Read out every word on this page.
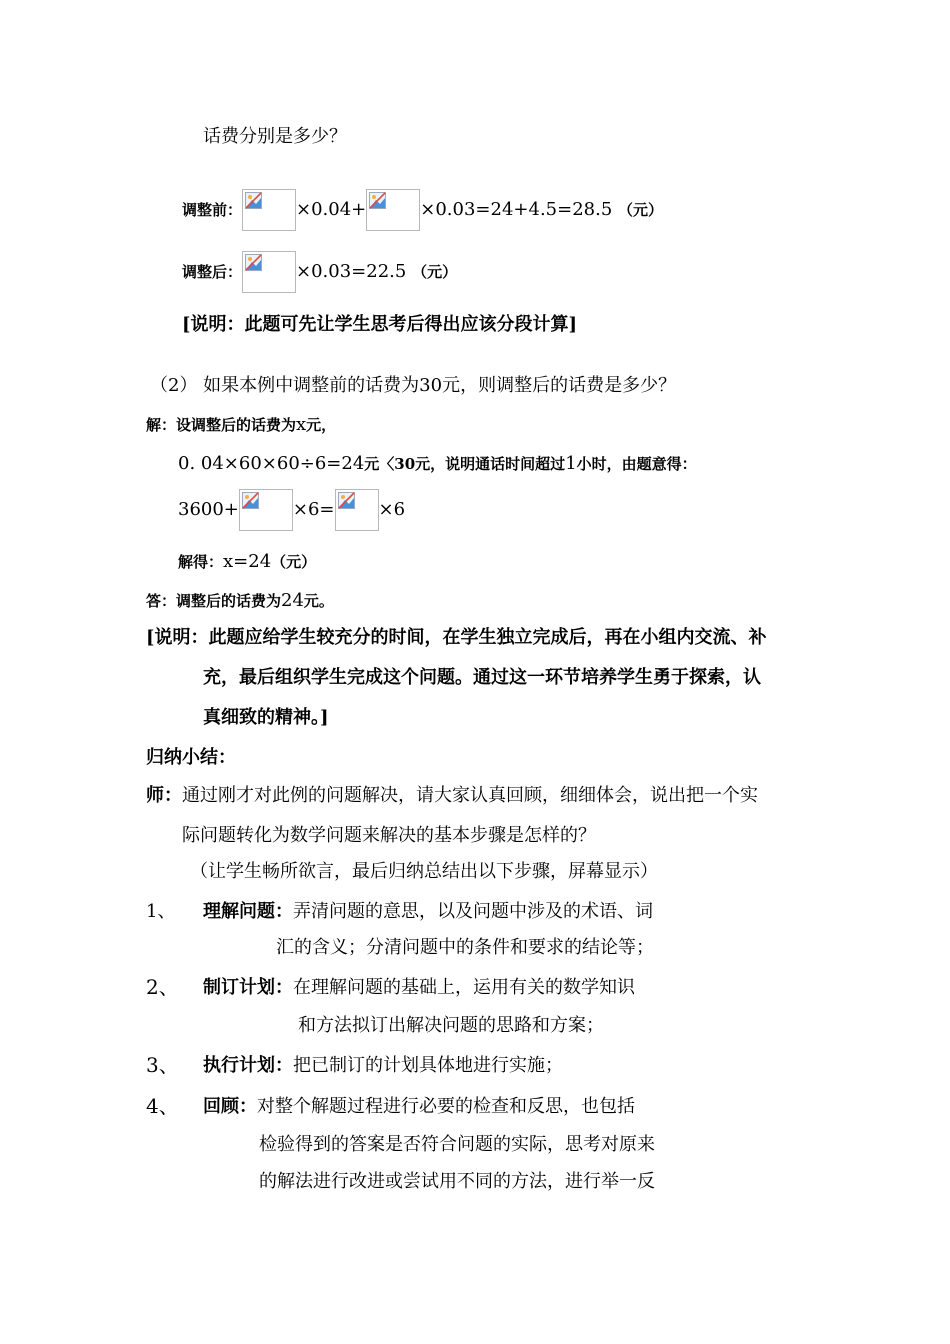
话费分别是多少？
调整前：	×0.04+	×0.03=24+4.5=28.5 （元）
调整后：	×0.03=22.5 （元）
[说明：此题可先让学生思考后得出应该分段计算]
（2） 如果本例中调整前的话费为30元，则调整后的话费是多少？
解：设调整后的话费为x元，
0. 04×60×60÷6=24元〈30元，说明通话时间超过1小时，由题意得：
3600+	×6= ×6
解得：x=24（元）
答：调整后的话费为24元。
[说明：此题应给学生较充分的时间，在学生独立完成后，再在小组内交流、补
充，最后组织学生完成这个问题。通过这一环节培养学生勇于探索，认
真细致的精神。]
归纳小结：
师：通过刚才对此例的问题解决，请大家认真回顾，细细体会，说出把一个实
际问题转化为数学问题来解决的基本步骤是怎样的？
（让学生畅所欲言，最后归纳总结出以下步骤，屏幕显示）
1、 理解问题：弄清问题的意思，以及问题中涉及的术语、词
汇的含义；分清问题中的条件和要求的结论等；
2、 制订计划：在理解问题的基础上，运用有关的数学知识
和方法拟订出解决问题的思路和方案；
3、 执行计划：把已制订的计划具体地进行实施；
4、 回顾：对整个解题过程进行必要的检查和反思，也包括
检验得到的答案是否符合问题的实际，思考对原来
的解法进行改进或尝试用不同的方法，进行举一反
